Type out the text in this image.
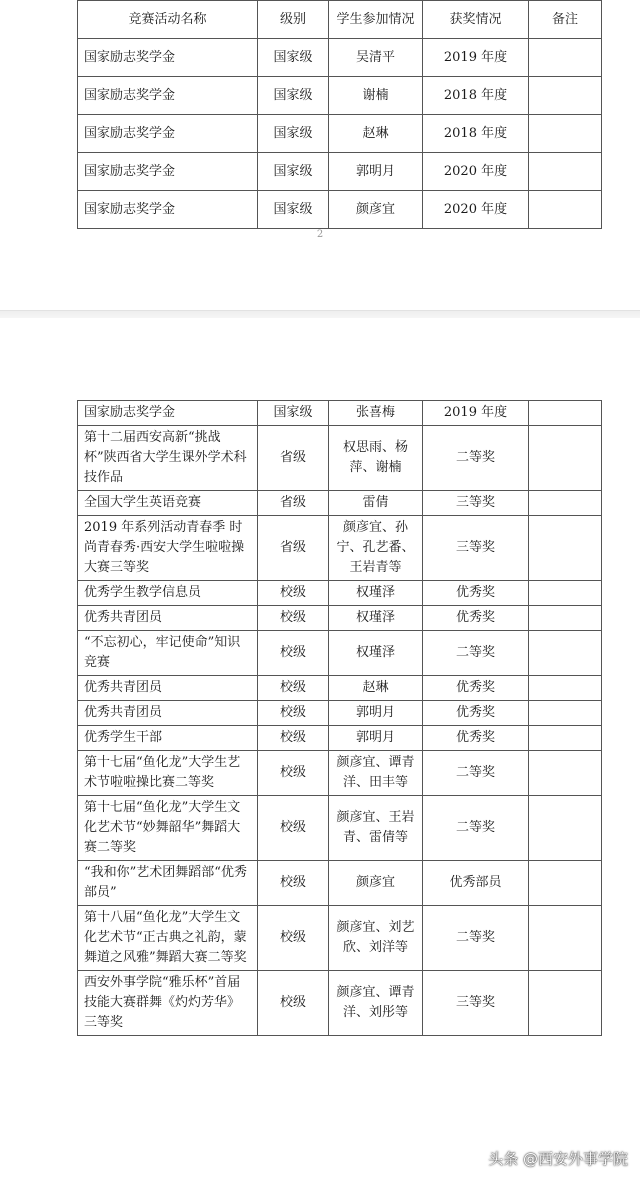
竞赛活动名称	级别	学生参加情况	获奖情况	备注
国家励志奖学金	国家级	吴清平	2019 年度	
国家励志奖学金	国家级	谢楠	2018 年度	
国家励志奖学金	国家级	赵琳	2018 年度	
国家励志奖学金	国家级	郭明月	2020 年度	
国家励志奖学金	国家级	颜彦宜	2020 年度	
2
国家励志奖学金	国家级	张喜梅	2019 年度	
第十二届西安高新“挑战杯”陕西省大学生课外学术科技作品	省级	权思雨、杨萍、谢楠	二等奖	
全国大学生英语竞赛	省级	雷倩	三等奖	
2019 年系列活动青春季 时尚青春秀·西安大学生啦啦操大赛三等奖	省级	颜彦宜、孙宁、孔艺番、王岩青等	三等奖	
优秀学生教学信息员	校级	权瑾泽	优秀奖	
优秀共青团员	校级	权瑾泽	优秀奖	
“不忘初心，牢记使命”知识竞赛	校级	权瑾泽	二等奖	
优秀共青团员	校级	赵琳	优秀奖	
优秀共青团员	校级	郭明月	优秀奖	
优秀学生干部	校级	郭明月	优秀奖	
第十七届“鱼化龙”大学生艺术节啦啦操比赛二等奖	校级	颜彦宜、谭青洋、田丰等	二等奖	
第十七届“鱼化龙”大学生文化艺术节“妙舞韶华”舞蹈大赛二等奖	校级	颜彦宜、王岩青、雷倩等	二等奖	
“我和你”艺术团舞蹈部“优秀部员”	校级	颜彦宜	优秀部员	
第十八届“鱼化龙”大学生文化艺术节“正古典之礼韵，蒙舞道之风雅”舞蹈大赛二等奖	校级	颜彦宜、刘艺欣、刘洋等	二等奖	
西安外事学院“雅乐杯”首届技能大赛群舞《灼灼芳华》三等奖	校级	颜彦宜、谭青洋、刘彤等	三等奖	
头条 @西安外事学院
